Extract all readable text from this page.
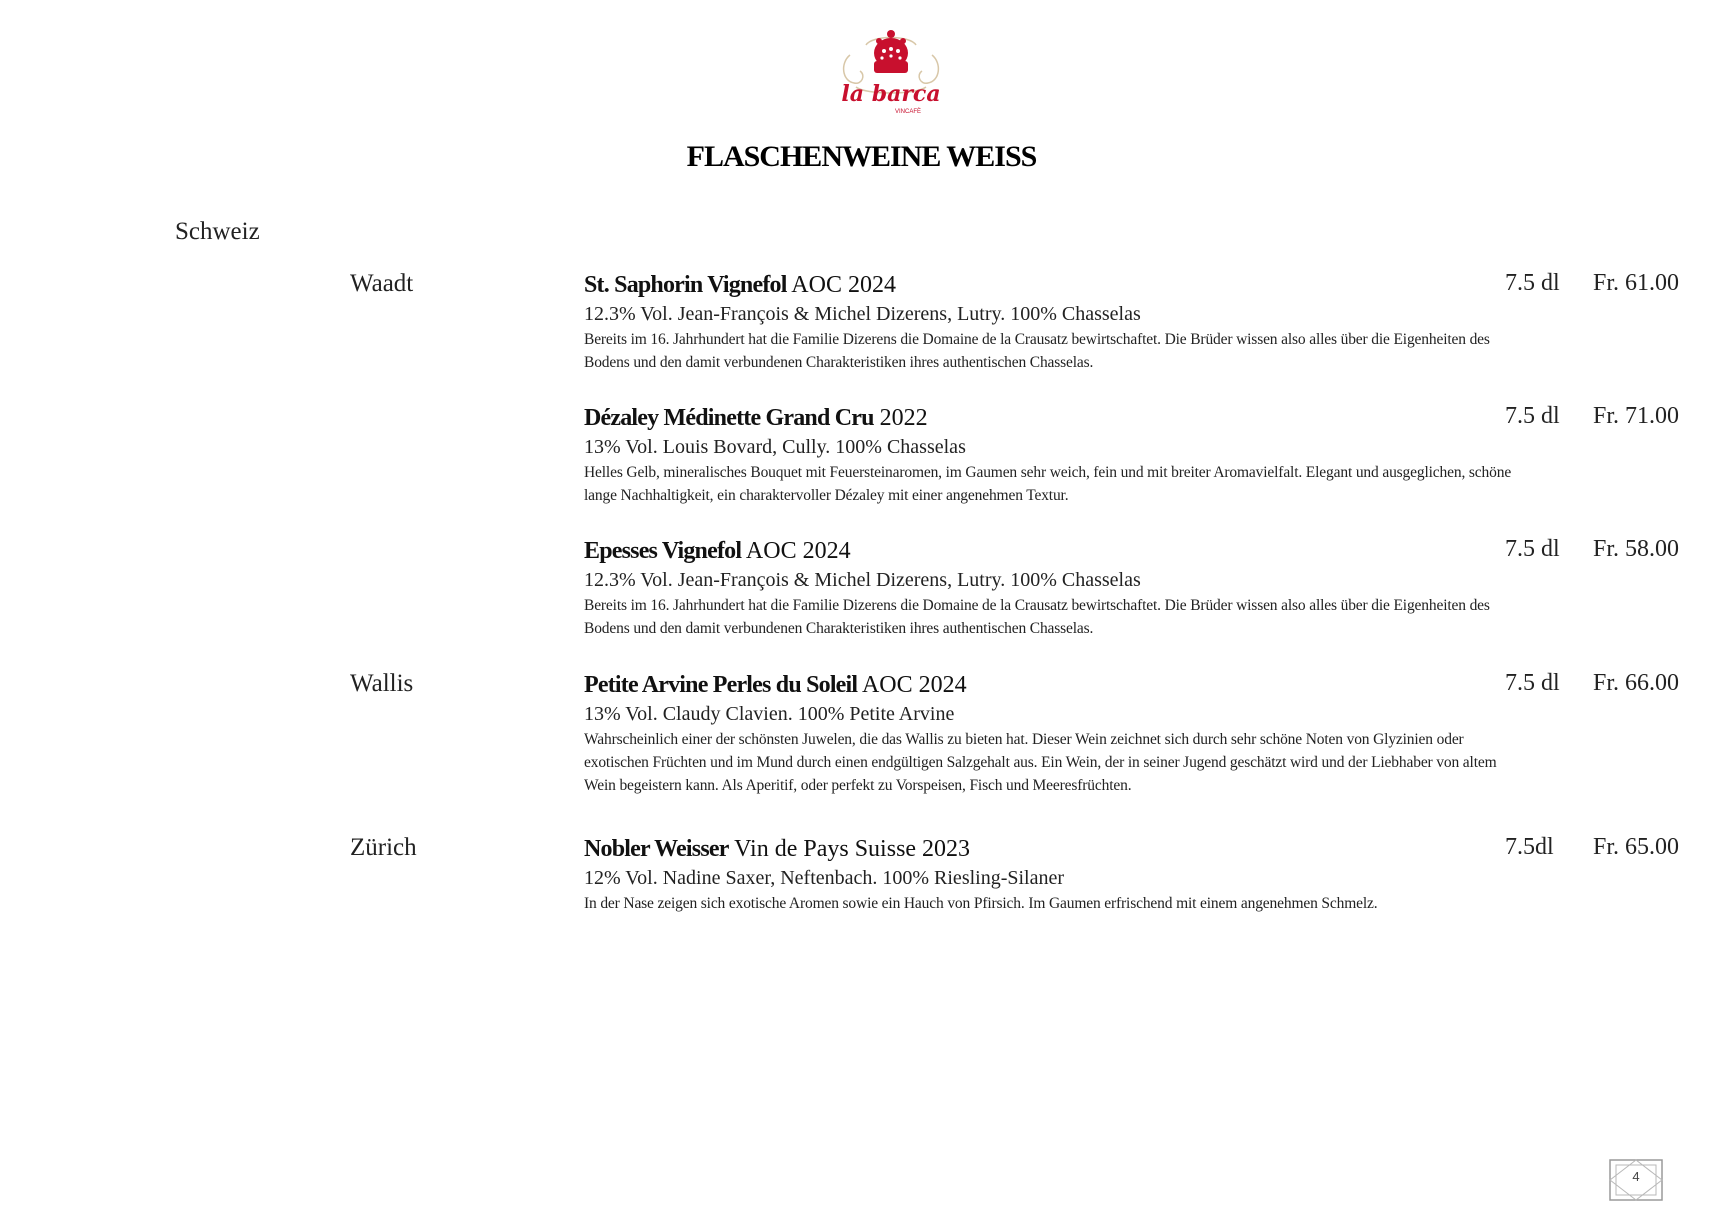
la barca
VINCAFÈ
FLASCHENWEINE WEISS
Schweiz
Waadt	St. Saphorin Vignefol AOC 2024
12.3% Vol. Jean-François & Michel Dizerens, Lutry. 100% Chasselas
Bereits im 16. Jahrhundert hat die Familie Dizerens die Domaine de la Crausatz bewirtschaftet. Die Brüder wissen also alles über die Eigenheiten des Bodens und den damit verbundenen Charakteristiken ihres authentischen Chasselas.
7.5 dl Fr. 61.00
Dézaley Médinette Grand Cru 2022
13% Vol. Louis Bovard, Cully. 100% Chasselas
Helles Gelb, mineralisches Bouquet mit Feuersteinaromen, im Gaumen sehr weich, fein und mit breiter Aromavielfalt. Elegant und ausgeglichen, schöne lange Nachhaltigkeit, ein charaktervoller Dézaley mit einer angenehmen Textur.
7.5 dl Fr. 71.00
Epesses Vignefol AOC 2024
12.3% Vol. Jean-François & Michel Dizerens, Lutry. 100% Chasselas
Bereits im 16. Jahrhundert hat die Familie Dizerens die Domaine de la Crausatz bewirtschaftet. Die Brüder wissen also alles über die Eigenheiten des Bodens und den damit verbundenen Charakteristiken ihres authentischen Chasselas.
7.5 dl Fr. 58.00
Wallis	Petite Arvine Perles du Soleil AOC 2024
13% Vol. Claudy Clavien. 100% Petite Arvine
Wahrscheinlich einer der schönsten Juwelen, die das Wallis zu bieten hat. Dieser Wein zeichnet sich durch sehr schöne Noten von Glyzinien oder exotischen Früchten und im Mund durch einen endgültigen Salzgehalt aus. Ein Wein, der in seiner Jugend geschätzt wird und der Liebhaber von altem Wein begeistern kann. Als Aperitif, oder perfekt zu Vorspeisen, Fisch und Meeresfrüchten.
7.5 dl Fr. 66.00
Zürich	Nobler Weisser Vin de Pays Suisse 2023
12% Vol. Nadine Saxer, Neftenbach. 100% Riesling-Silaner
In der Nase zeigen sich exotische Aromen sowie ein Hauch von Pfirsich. Im Gaumen erfrischend mit einem angenehmen Schmelz.
7.5dl Fr. 65.00
4
